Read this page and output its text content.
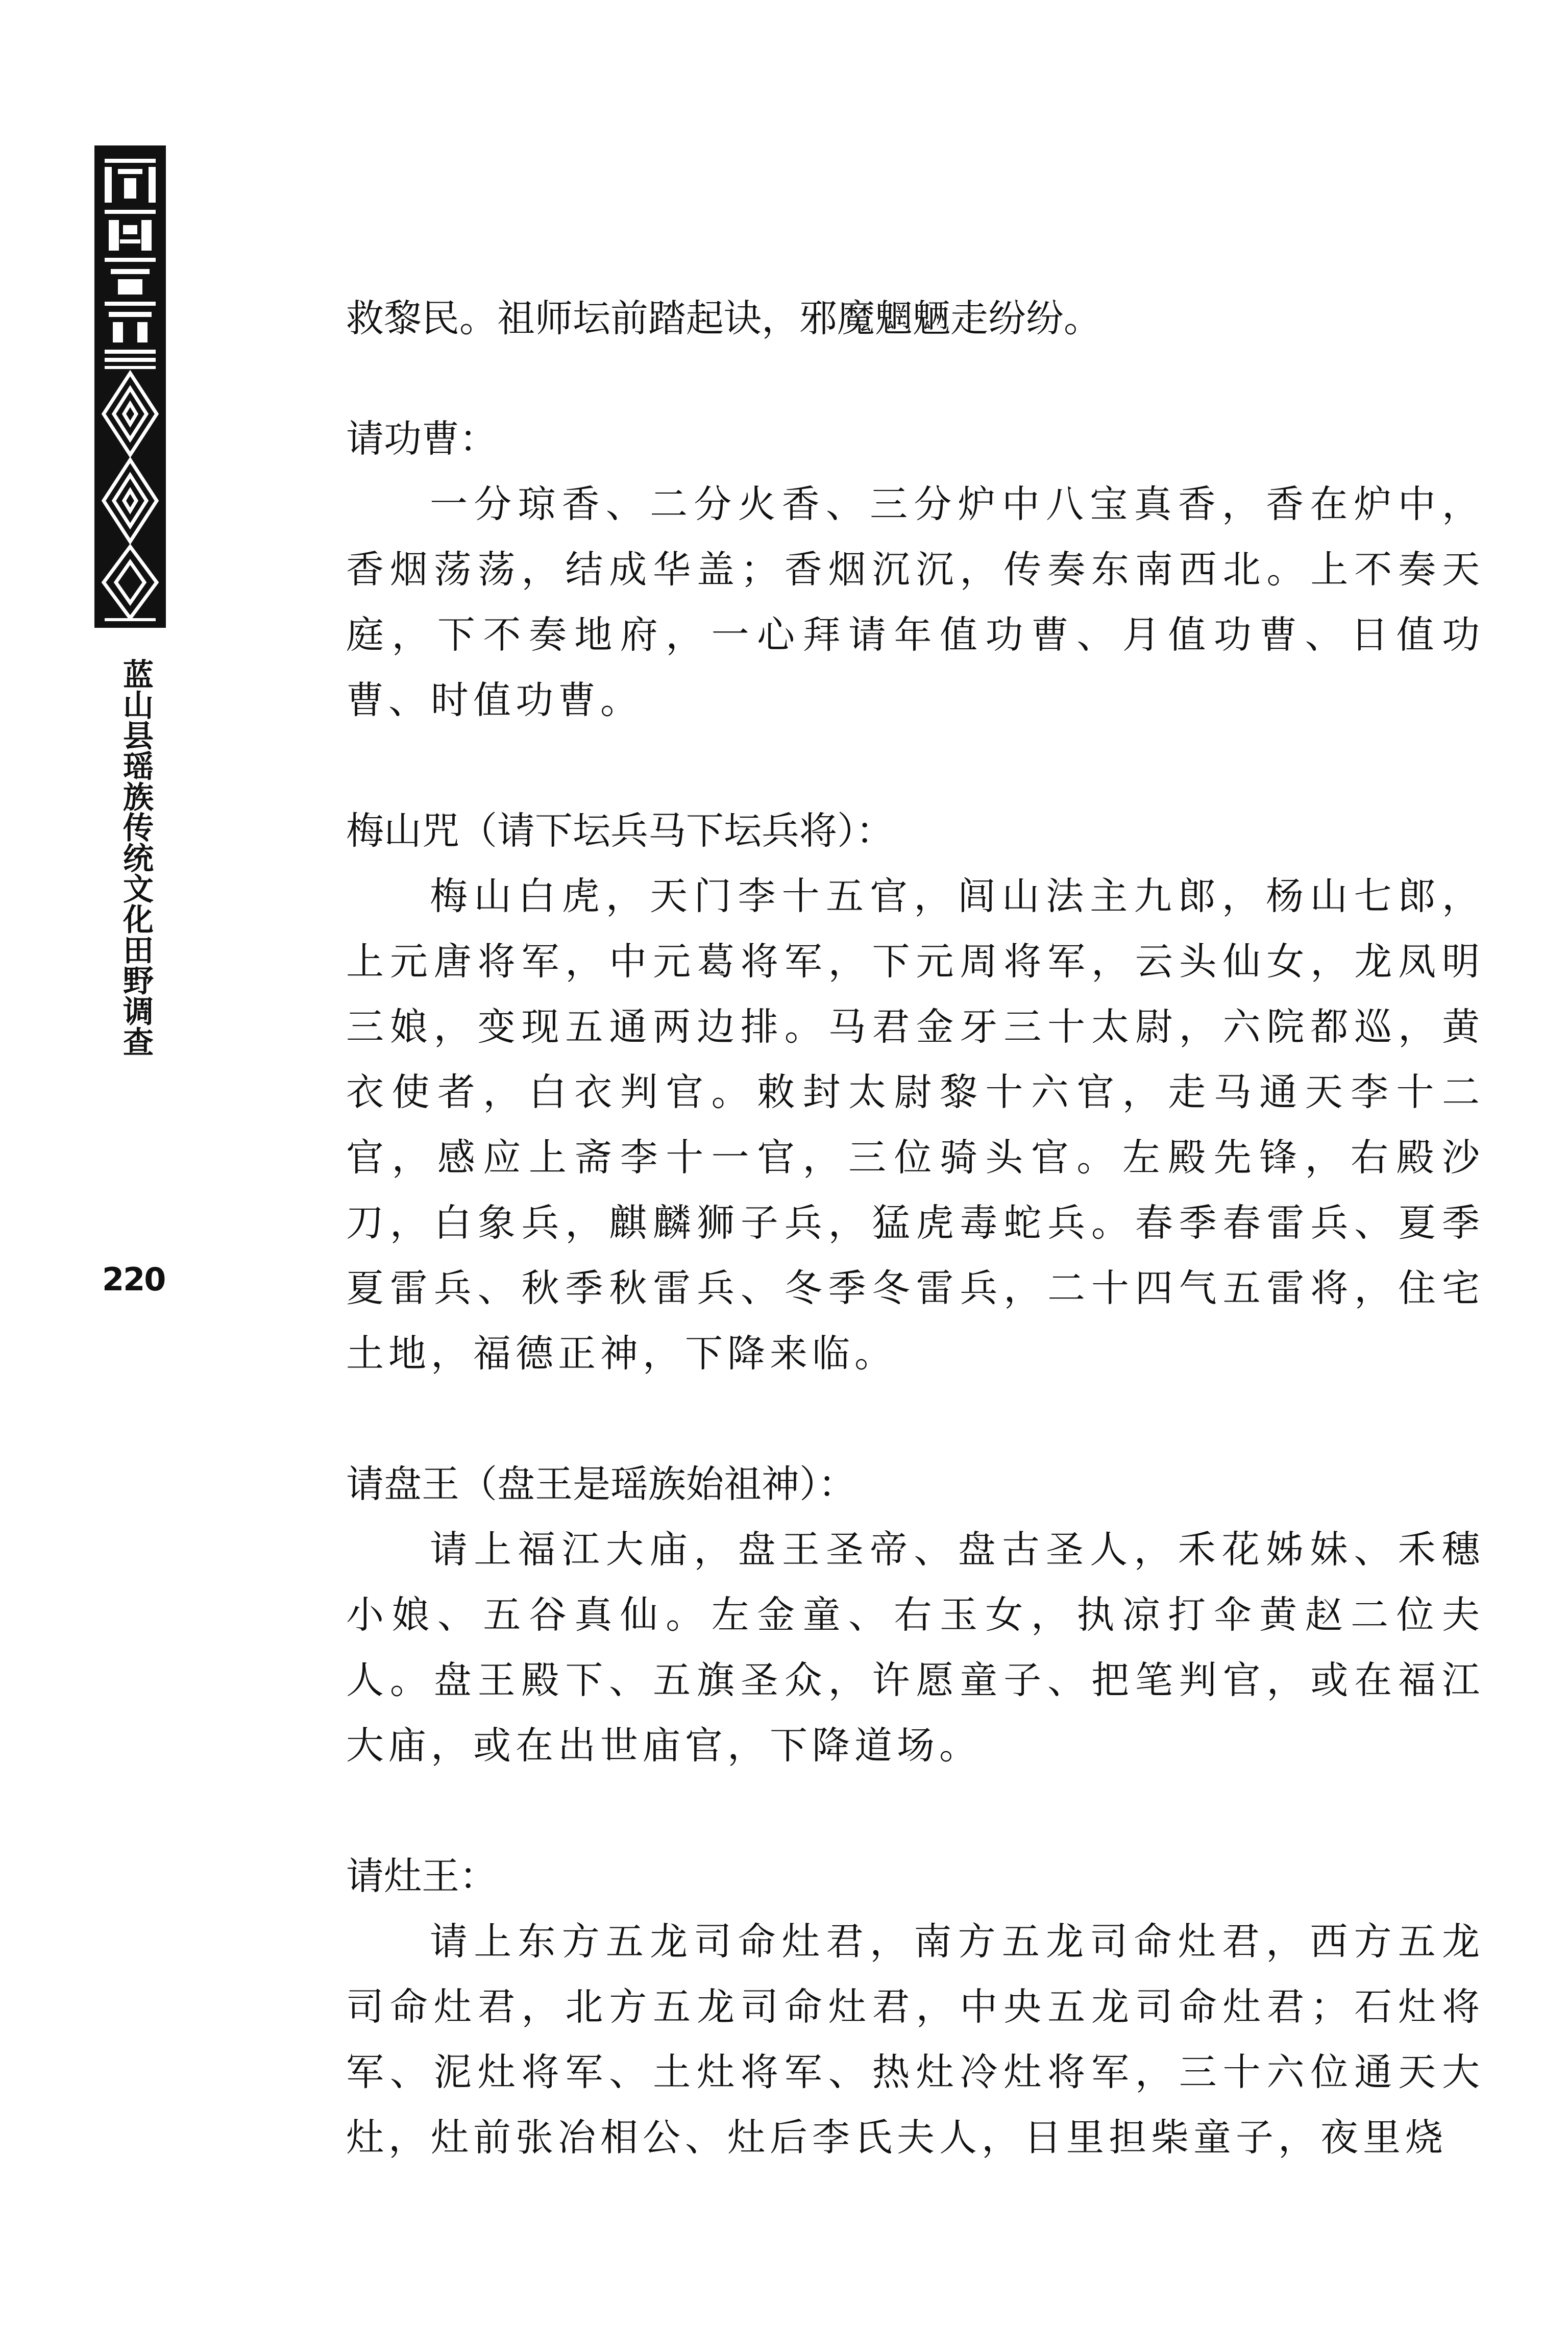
蓝山县瑶族传统文化田野调查
220
救黎民。祖师坛前踏起诀，邪魔魍魉走纷纷。
请功曹：
一分琼香、二分火香、三分炉中八宝真香，香在炉中，香烟荡荡，结成华盖；香烟沉沉，传奏东南西北。上不奏天庭，下不奏地府，一心拜请年值功曹、月值功曹、日值功曹、时值功曹。
梅山咒（请下坛兵马下坛兵将）：
梅山白虎，天门李十五官，闾山法主九郎，杨山七郎，上元唐将军，中元葛将军，下元周将军，云头仙女，龙凤明三娘，变现五通两边排。马君金牙三十太尉，六院都巡，黄衣使者，白衣判官。敕封太尉黎十六官，走马通天李十二官，感应上斋李十一官，三位骑头官。左殿先锋，右殿沙刀，白象兵，麒麟狮子兵，猛虎毒蛇兵。春季春雷兵、夏季夏雷兵、秋季秋雷兵、冬季冬雷兵，二十四气五雷将，住宅土地，福德正神，下降来临。
请盘王（盘王是瑶族始祖神）：
请上福江大庙，盘王圣帝、盘古圣人，禾花姊妹、禾穗小娘、五谷真仙。左金童、右玉女，执凉打伞黄赵二位夫人。盘王殿下、五旗圣众，许愿童子、把笔判官，或在福江大庙，或在出世庙官，下降道场。
请灶王：
请上东方五龙司命灶君，南方五龙司命灶君，西方五龙司命灶君，北方五龙司命灶君，中央五龙司命灶君；石灶将军、泥灶将军、土灶将军、热灶冷灶将军，三十六位通天大灶，灶前张冶相公、灶后李氏夫人，日里担柴童子，夜里烧
